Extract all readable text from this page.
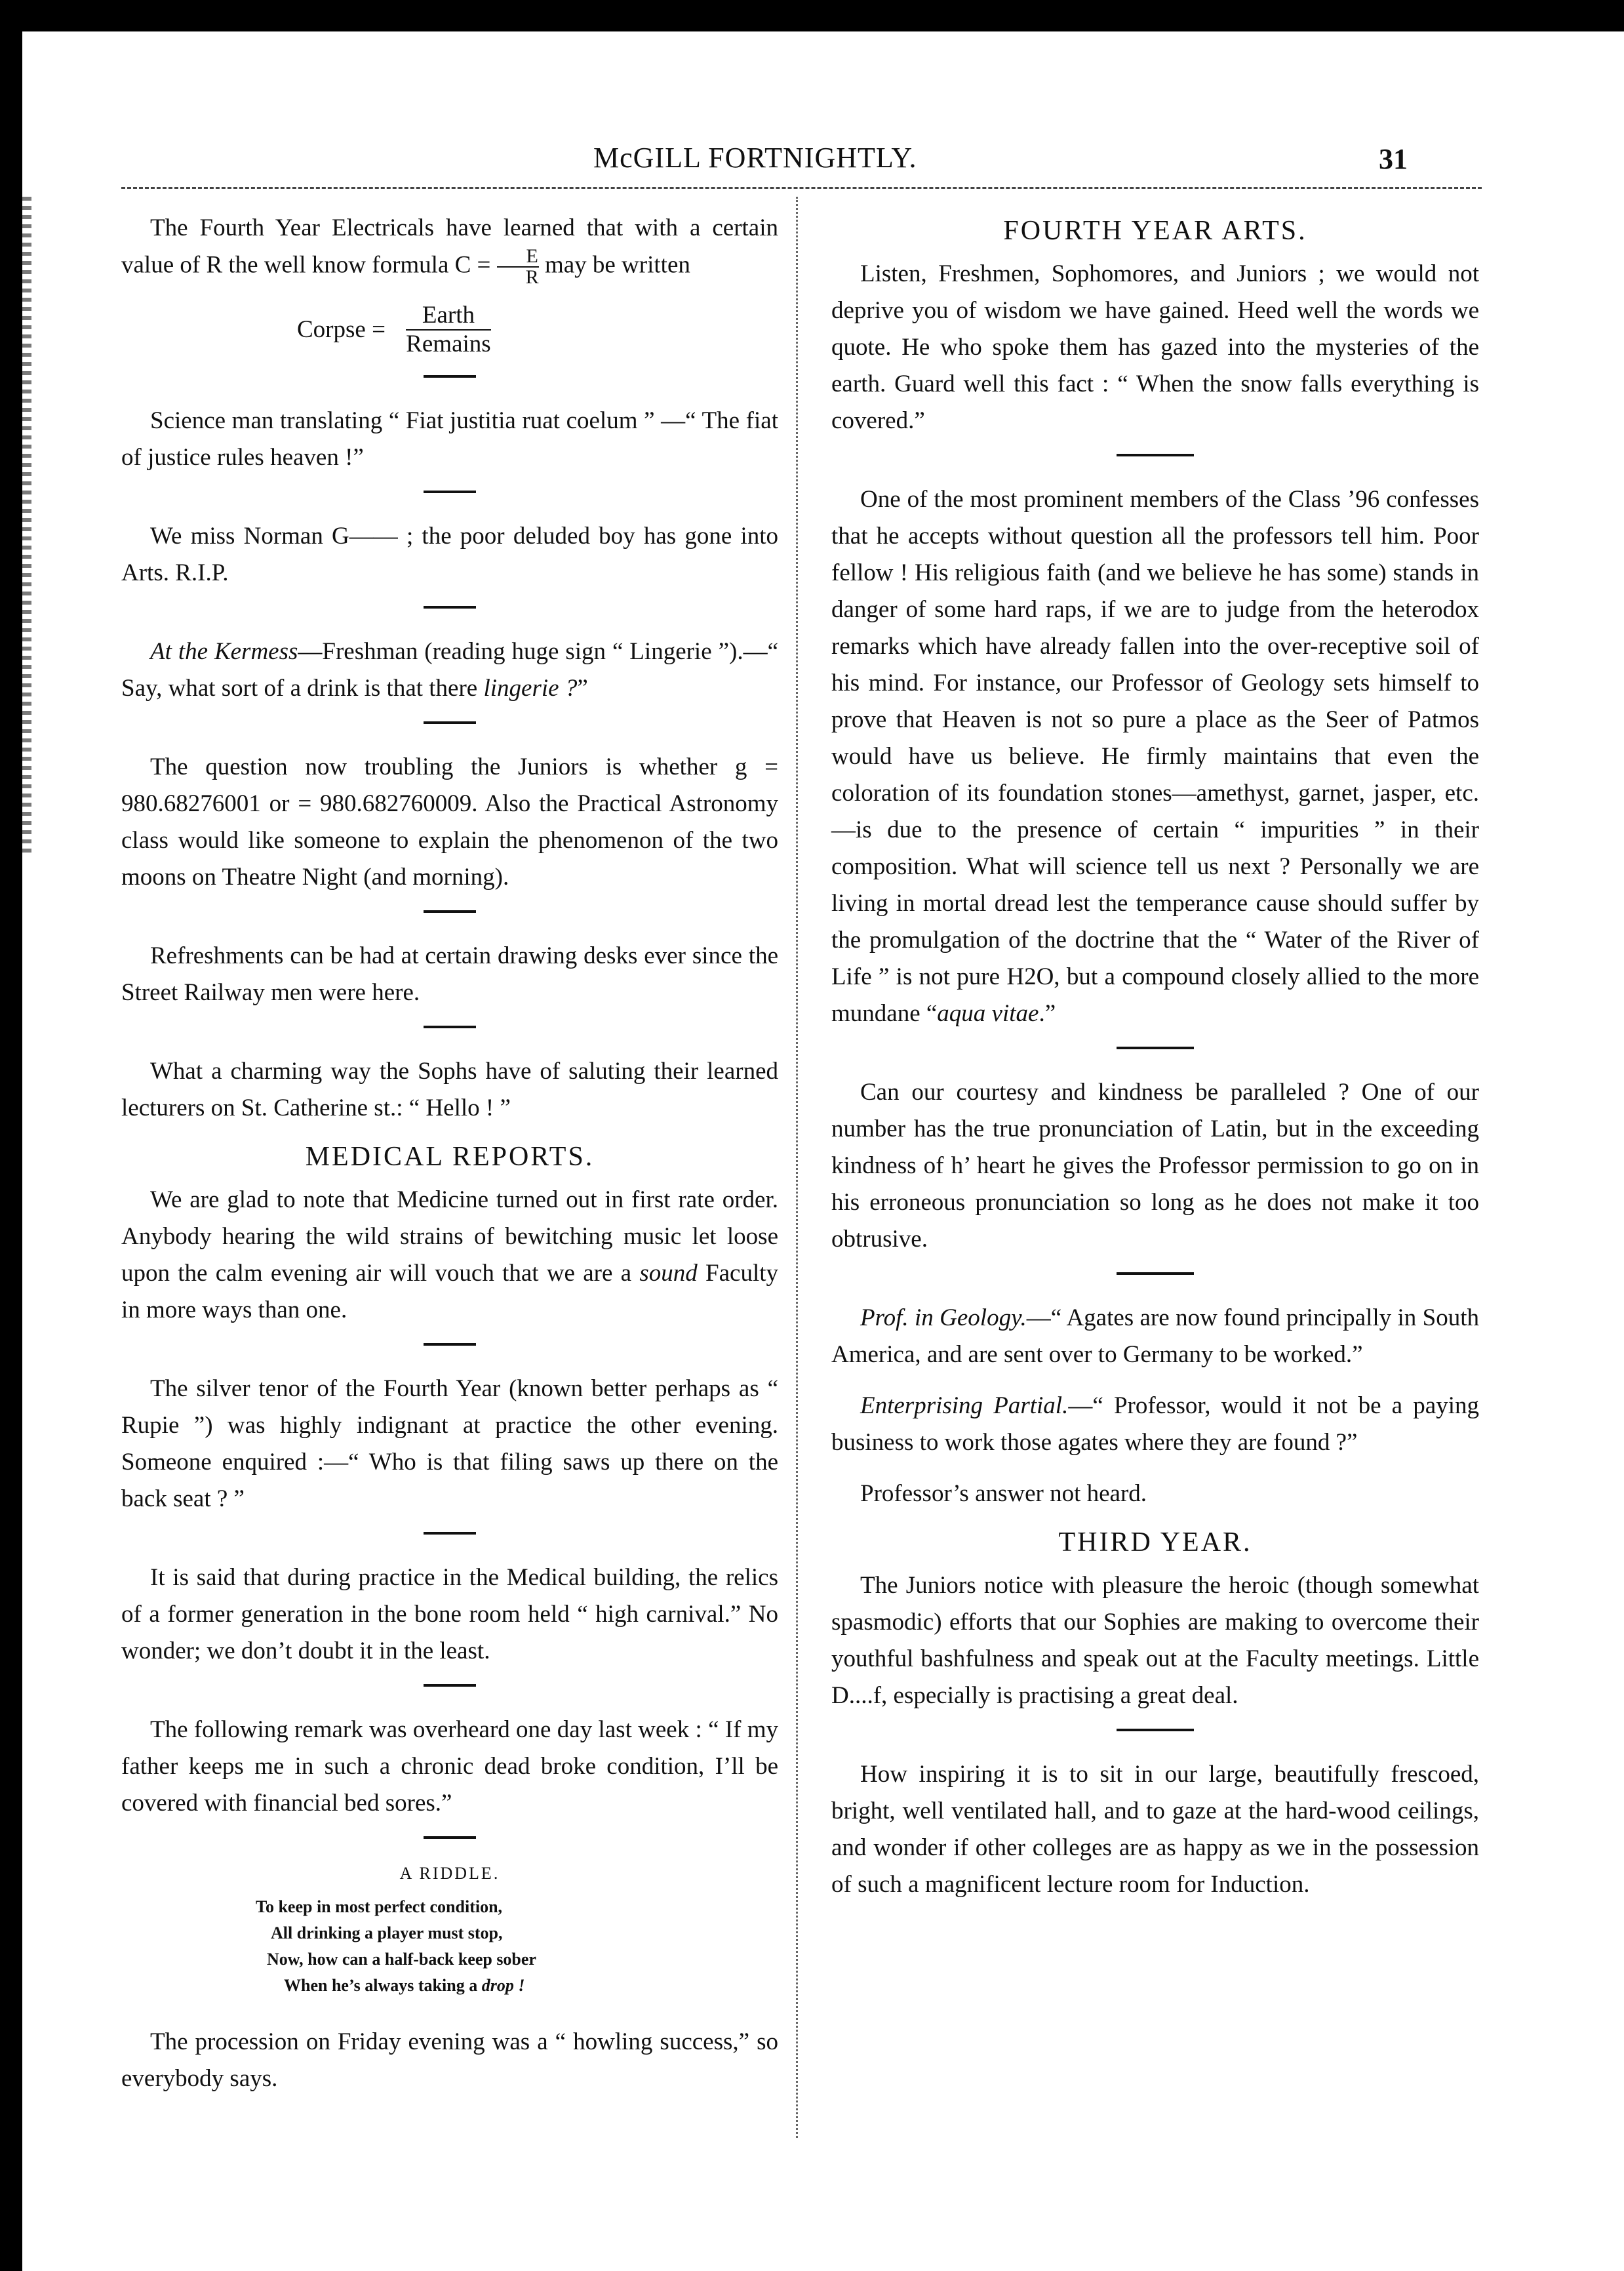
McGILL FORTNIGHTLY.	31

The Fourth Year Electricals have learned that with a certain value of R the well know formula $C = \frac{E}{R}$ may be written

Corpse = $\frac{\text{Earth}}{\text{Remains}}$

Science man translating “ Fiat justitia ruat coelum ” —“ The fiat of justice rules heaven !”

We miss Norman G—— ; the poor deluded boy has gone into Arts. R.I.P.

At the Kermess—Freshman (reading huge sign “ Lingerie ”).—“ Say, what sort of a drink is that there lingerie ?”

The question now troubling the Juniors is whether g = 980.68276001 or = 980.682760009. Also the Practical Astronomy class would like someone to explain the phenomenon of the two moons on Theatre Night (and morning).

Refreshments can be had at certain drawing desks ever since the Street Railway men were here.

What a charming way the Sophs have of saluting their learned lecturers on St. Catherine st.: “ Hello ! ”

MEDICAL REPORTS.

We are glad to note that Medicine turned out in first rate order. Anybody hearing the wild strains of bewitching music let loose upon the calm evening air will vouch that we are a sound Faculty in more ways than one.

The silver tenor of the Fourth Year (known better perhaps as “ Rupie ”) was highly indignant at practice the other evening. Someone enquired :—“ Who is that filing saws up there on the back seat ? ”

It is said that during practice in the Medical building, the relics of a former generation in the bone room held “ high carnival.” No wonder; we don’t doubt it in the least.

The following remark was overheard one day last week : “ If my father keeps me in such a chronic dead broke condition, I’ll be covered with financial bed sores.”

A RIDDLE.
To keep in most perfect condition,
All drinking a player must stop,
Now, how can a half-back keep sober
When he’s always taking a drop !

The procession on Friday evening was a “ howling success,” so everybody says.

FOURTH YEAR ARTS.

Listen, Freshmen, Sophomores, and Juniors ; we would not deprive you of wisdom we have gained. Heed well the words we quote. He who spoke them has gazed into the mysteries of the earth. Guard well this fact : “ When the snow falls everything is covered.”

One of the most prominent members of the Class ’96 confesses that he accepts without question all the professors tell him. Poor fellow ! His religious faith (and we believe he has some) stands in danger of some hard raps, if we are to judge from the heterodox remarks which have already fallen into the over-receptive soil of his mind. For instance, our Professor of Geology sets himself to prove that Heaven is not so pure a place as the Seer of Patmos would have us believe. He firmly maintains that even the coloration of its foundation stones—amethyst, garnet, jasper, etc.—is due to the presence of certain “ impurities ” in their composition. What will science tell us next ? Personally we are living in mortal dread lest the temperance cause should suffer by the promulgation of the doctrine that the “ Water of the River of Life ” is not pure H2O, but a compound closely allied to the more mundane “aqua vitae.”

Can our courtesy and kindness be paralleled ? One of our number has the true pronunciation of Latin, but in the exceeding kindness of h’ heart he gives the Professor permission to go on in his erroneous pronunciation so long as he does not make it too obtrusive.

Prof. in Geology.—“ Agates are now found principally in South America, and are sent over to Germany to be worked.”

Enterprising Partial.—“ Professor, would it not be a paying business to work those agates where they are found ?”

Professor’s answer not heard.

THIRD YEAR.

The Juniors notice with pleasure the heroic (though somewhat spasmodic) efforts that our Sophies are making to overcome their youthful bashfulness and speak out at the Faculty meetings. Little D....f, especially is practising a great deal.

How inspiring it is to sit in our large, beautifully frescoed, bright, well ventilated hall, and to gaze at the hard-wood ceilings, and wonder if other colleges are as happy as we in the possession of such a magnificent lecture room for Induction.
